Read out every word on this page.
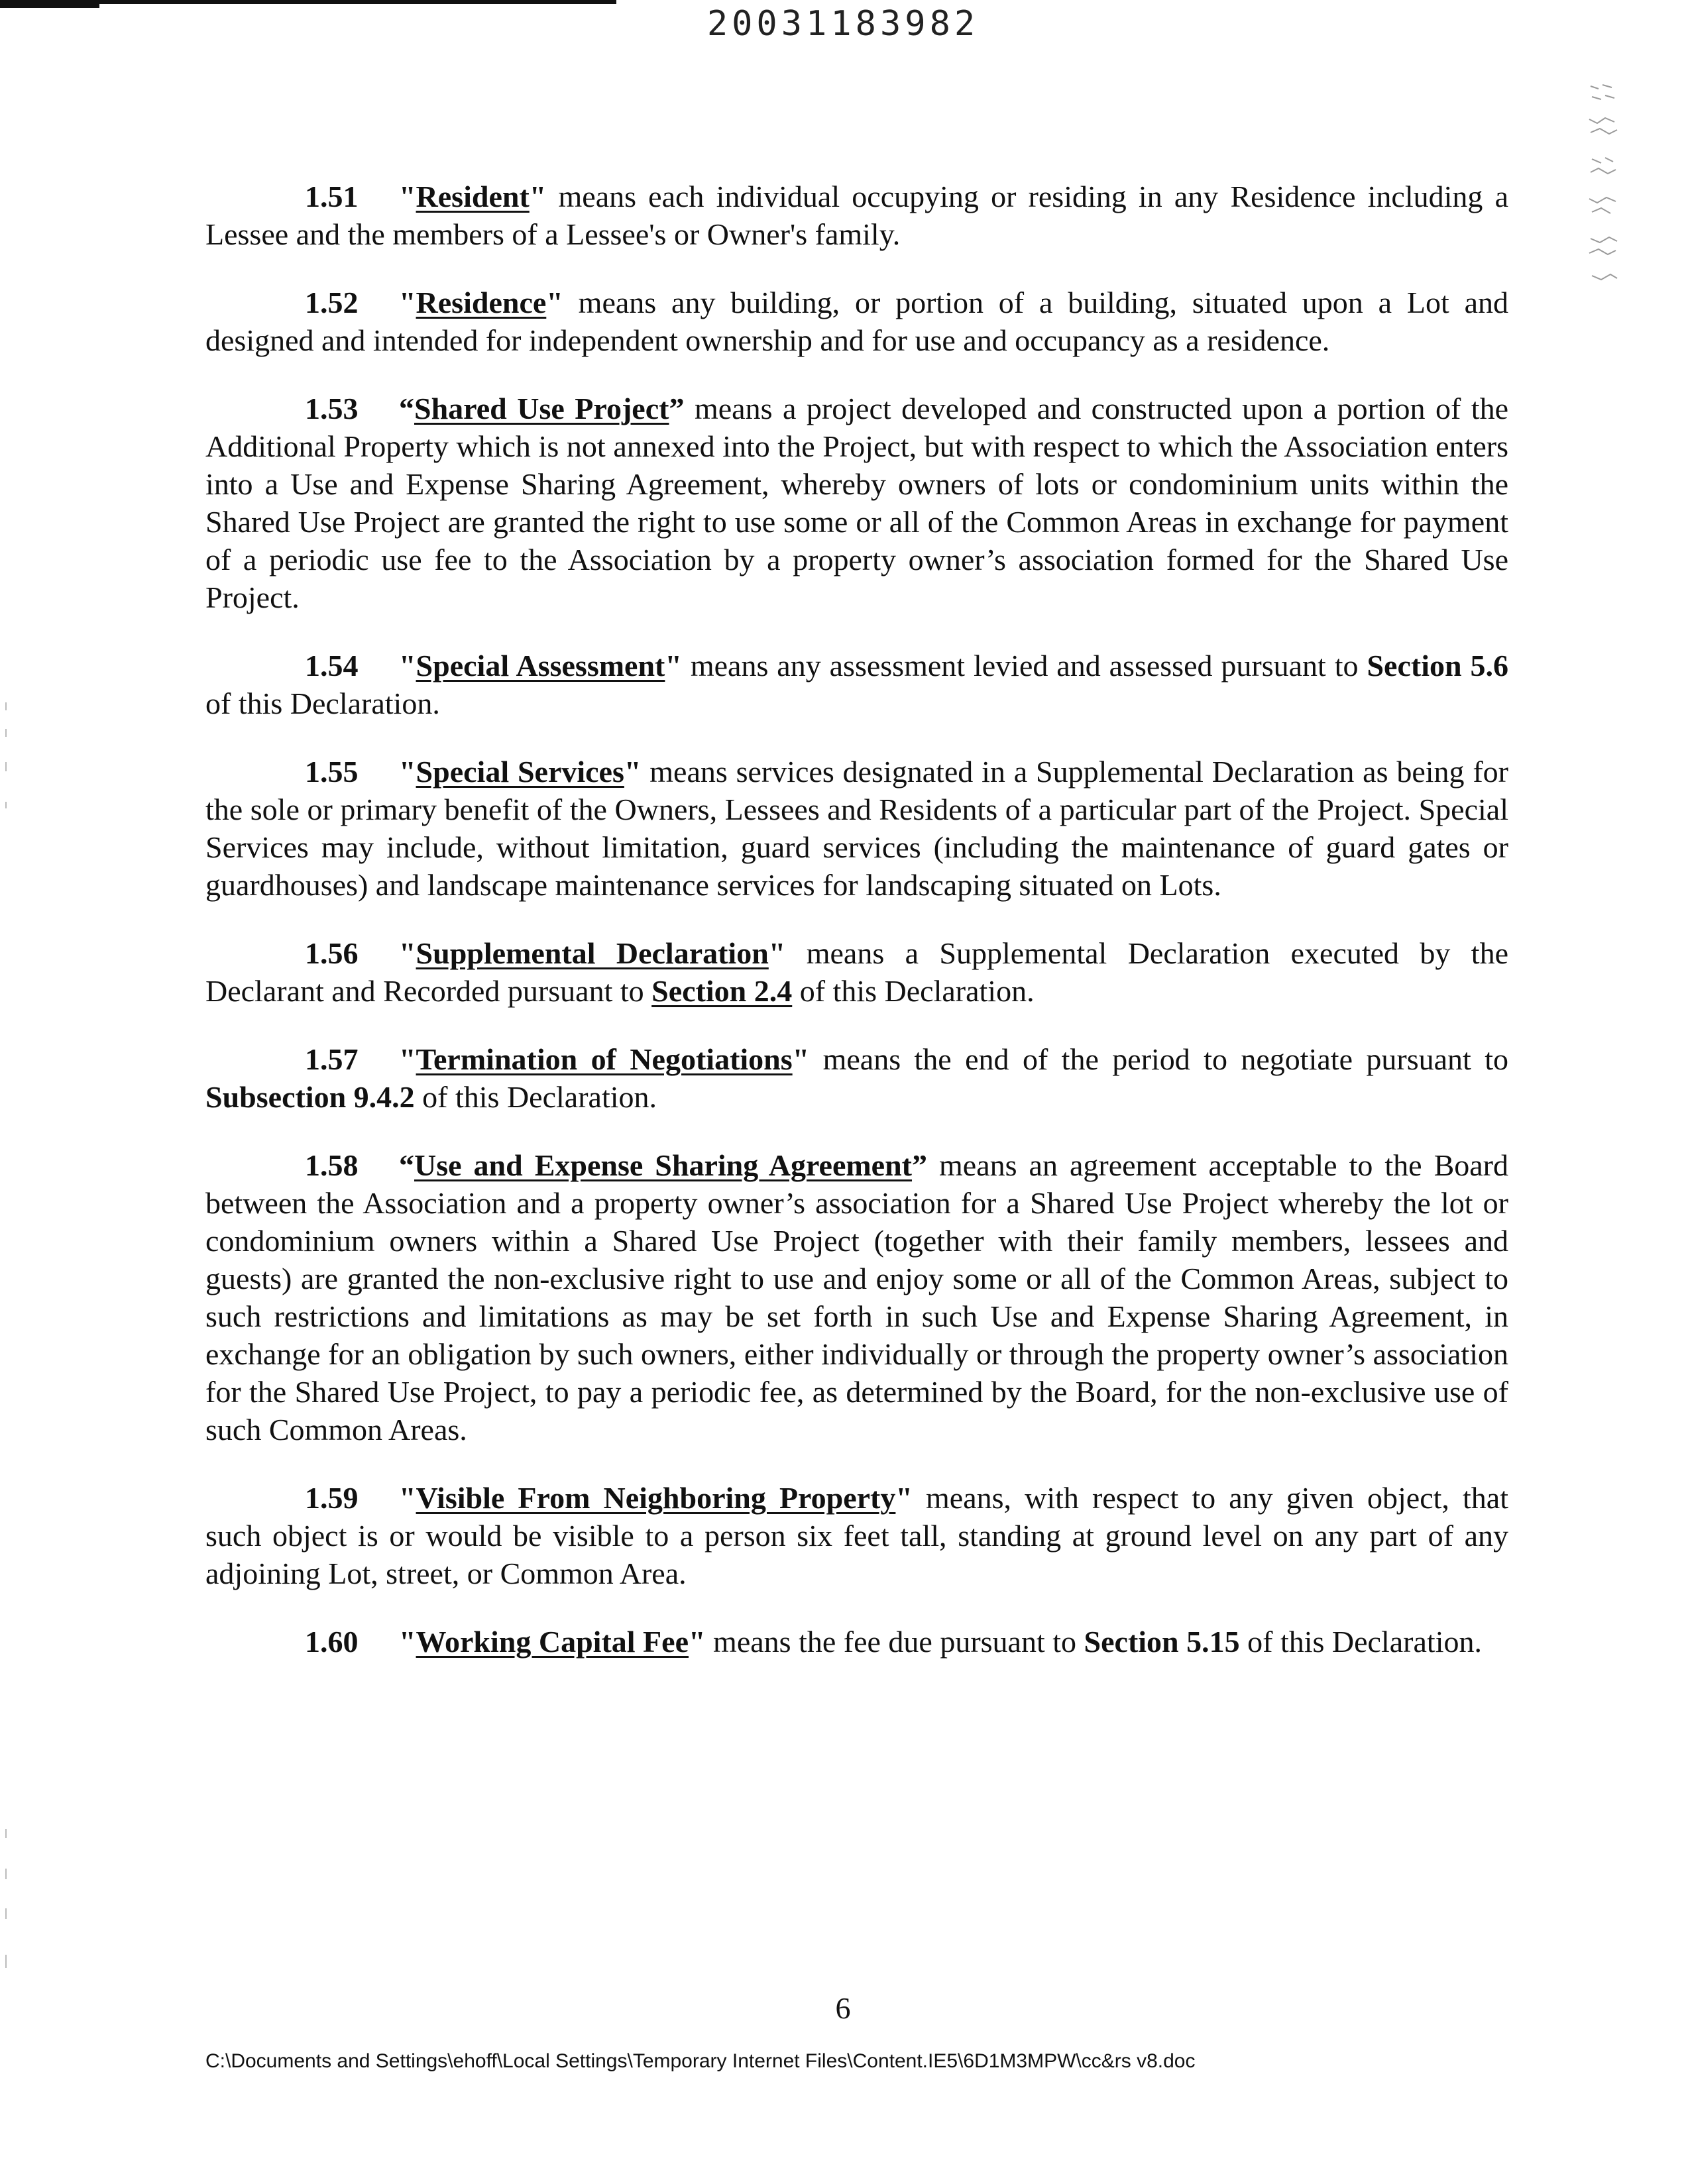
20031183982

1.51 "Resident" means each individual occupying or residing in any Residence including a Lessee and the members of a Lessee's or Owner's family.

1.52 "Residence" means any building, or portion of a building, situated upon a Lot and designed and intended for independent ownership and for use and occupancy as a residence.

1.53 “Shared Use Project” means a project developed and constructed upon a portion of the Additional Property which is not annexed into the Project, but with respect to which the Association enters into a Use and Expense Sharing Agreement, whereby owners of lots or condominium units within the Shared Use Project are granted the right to use some or all of the Common Areas in exchange for payment of a periodic use fee to the Association by a property owner’s association formed for the Shared Use Project.

1.54 "Special Assessment" means any assessment levied and assessed pursuant to Section 5.6 of this Declaration.

1.55 "Special Services" means services designated in a Supplemental Declaration as being for the sole or primary benefit of the Owners, Lessees and Residents of a particular part of the Project. Special Services may include, without limitation, guard services (including the maintenance of guard gates or guardhouses) and landscape maintenance services for landscaping situated on Lots.

1.56 "Supplemental Declaration" means a Supplemental Declaration executed by the Declarant and Recorded pursuant to Section 2.4 of this Declaration.

1.57 "Termination of Negotiations" means the end of the period to negotiate pursuant to Subsection 9.4.2 of this Declaration.

1.58 “Use and Expense Sharing Agreement” means an agreement acceptable to the Board between the Association and a property owner’s association for a Shared Use Project whereby the lot or condominium owners within a Shared Use Project (together with their family members, lessees and guests) are granted the non-exclusive right to use and enjoy some or all of the Common Areas, subject to such restrictions and limitations as may be set forth in such Use and Expense Sharing Agreement, in exchange for an obligation by such owners, either individually or through the property owner’s association for the Shared Use Project, to pay a periodic fee, as determined by the Board, for the non-exclusive use of such Common Areas.

1.59 "Visible From Neighboring Property" means, with respect to any given object, that such object is or would be visible to a person six feet tall, standing at ground level on any part of any adjoining Lot, street, or Common Area.

1.60 "Working Capital Fee" means the fee due pursuant to Section 5.15 of this Declaration.

6
C:\Documents and Settings\ehoff\Local Settings\Temporary Internet Files\Content.IE5\6D1M3MPW\cc&rs v8.doc
